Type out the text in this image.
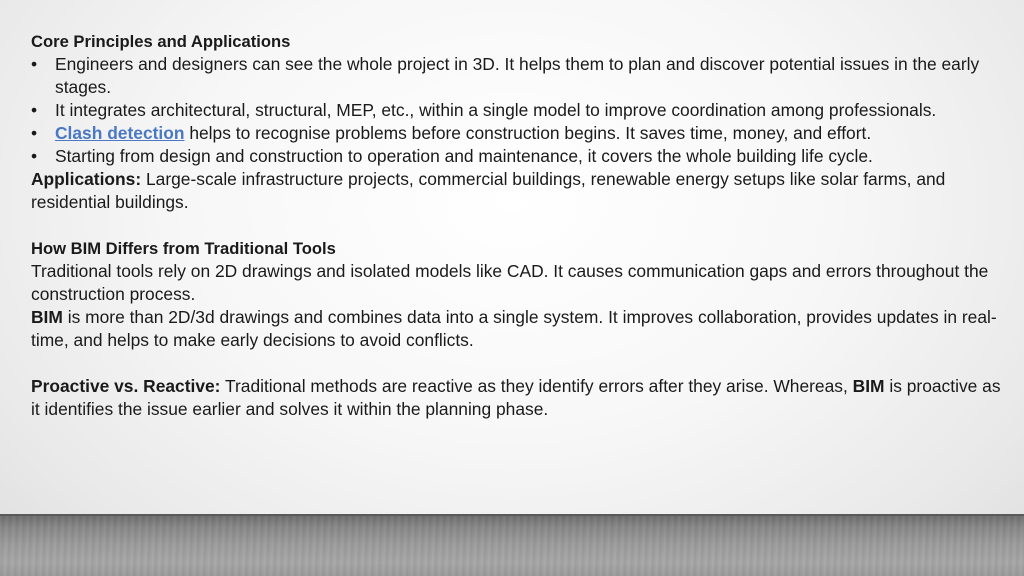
Core Principles and Applications
• Engineers and designers can see the whole project in 3D. It helps them to plan and discover potential issues in the early stages.
• It integrates architectural, structural, MEP, etc., within a single model to improve coordination among professionals.
• Clash detection helps to recognise problems before construction begins. It saves time, money, and effort.
• Starting from design and construction to operation and maintenance, it covers the whole building life cycle.
Applications: Large-scale infrastructure projects, commercial buildings, renewable energy setups like solar farms, and residential buildings.
How BIM Differs from Traditional Tools
Traditional tools rely on 2D drawings and isolated models like CAD. It causes communication gaps and errors throughout the construction process.
BIM is more than 2D/3d drawings and combines data into a single system. It improves collaboration, provides updates in real-time, and helps to make early decisions to avoid conflicts.
Proactive vs. Reactive: Traditional methods are reactive as they identify errors after they arise. Whereas, BIM is proactive as it identifies the issue earlier and solves it within the planning phase.
